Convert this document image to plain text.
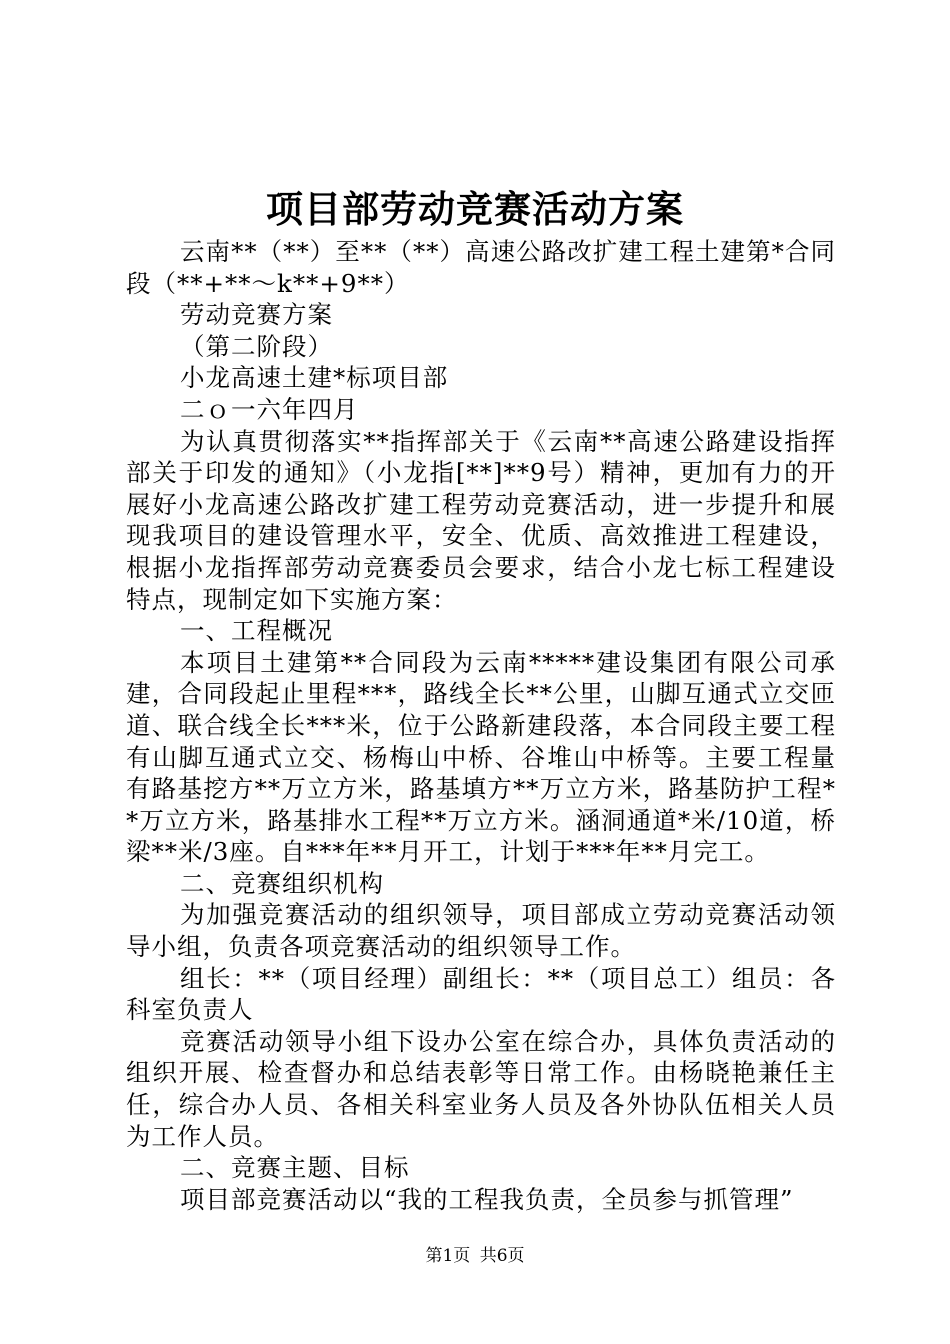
项目部劳动竞赛活动方案

云南**（**）至**（**）高速公路改扩建工程土建第*合同段（**+**～k**+9**）

劳动竞赛方案

（第二阶段）

小龙高速土建*标项目部

二ｏ一六年四月

为认真贯彻落实**指挥部关于《云南**高速公路建设指挥部关于印发的通知》（小龙指[**]**9号）精神，更加有力的开展好小龙高速公路改扩建工程劳动竞赛活动，进一步提升和展现我项目的建设管理水平，安全、优质、高效推进工程建设，根据小龙指挥部劳动竞赛委员会要求，结合小龙七标工程建设特点，现制定如下实施方案：

一、工程概况

本项目土建第**合同段为云南*****建设集团有限公司承建，合同段起止里程***，路线全长**公里，山脚互通式立交匝道、联合线全长***米，位于公路新建段落，本合同段主要工程有山脚互通式立交、杨梅山中桥、谷堆山中桥等。主要工程量有路基挖方**万立方米，路基填方**万立方米，路基防护工程**万立方米，路基排水工程**万立方米。涵洞通道*米/10道，桥梁**米/3座。自***年**月开工，计划于***年**月完工。

二、竞赛组织机构

为加强竞赛活动的组织领导，项目部成立劳动竞赛活动领导小组，负责各项竞赛活动的组织领导工作。

组长：**（项目经理）副组长：**（项目总工）组员：各科室负责人

竞赛活动领导小组下设办公室在综合办，具体负责活动的组织开展、检查督办和总结表彰等日常工作。由杨晓艳兼任主任，综合办人员、各相关科室业务人员及各外协队伍相关人员为工作人员。

二、竞赛主题、目标

项目部竞赛活动以“我的工程我负责，全员参与抓管理”

第1页 共6页
